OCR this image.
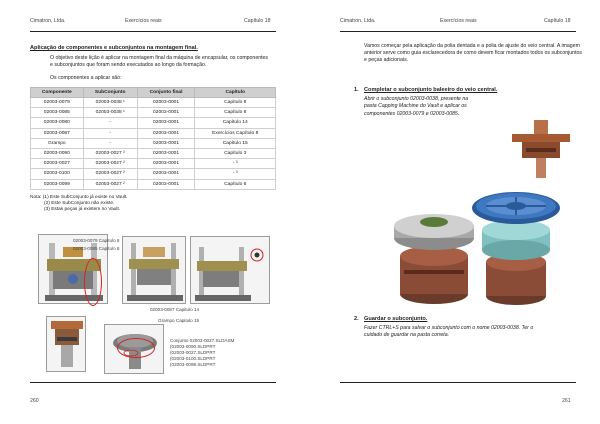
Cimatron, Ltda.	Exercícios reais	Capítulo 18
Aplicação de componentes e subconjuntos na montagem final.
O objetivo deste lição é aplicar na montagem final da máquina de encapsular, os componentes e subconjuntos que foram sendo executados ao longo da formação.
Os componentes a aplicar são:
Componente	SubConjunto	Conjunto final	Capítulo
02003-0079	02003-0038 ¹	02003-0001	Capítulo 8
02003-0085	02003-0038 ¹	02003-0001	Capítulo 8
02003-0080	-	02003-0001	Capítulo 14
02003-0087	-	02003-0001	Exercícios Capítulo 8
Grampo	-	02003-0001	Capítulo 15
02003-0090	02003-0027 ²	02003-0001	Capítulo 3
02003-0027	02003-0027 ²	02003-0001	- ³
02003-0100	02003-0027 ²	02003-0001	- ³
02003-0099	02003-0027 ²	02003-0001	Capítulo 5
Nota: (1) Este SubConjunto já existe no Vault.
(2) Este SubConjunto não existe.
(3) Estas peças já existem no Vault.
02003-0079 Capitulo 8
02003-0085 Capitulo 8
02003-0087 Capitulo 14
Grampo Capitulo 15
Conjunto 02003-0027.SLDASM
(02003-0090.SLDPRT
(02003-0027.SLDPRT
(02003-0100.SLDPRT
(02003-0099.SLDPRT
260
Cimatron, Ltda.	Exercícios reais	Capítulo 18
Vamos começar pela aplicação da polia dentada e a polia de ajuste do veio central. A imagem anterior serve como guia esclarecedora de como devem ficar montados todos os subconjuntos e peças adicionais.
1. Completar o subconjunto baleeiro do veio central.
Abrir o subconjunto 02003-0038, presente na
pasta Capping Machine do Vault e aplicar os
componentes 02003-0079 e 02003-0085.
2. Guardar o subconjunto.
Fazer CTRL+S para salvar o subconjunto com o nome 02003-0038. Ter o
cuidado de guardar na pasta correta.
261
